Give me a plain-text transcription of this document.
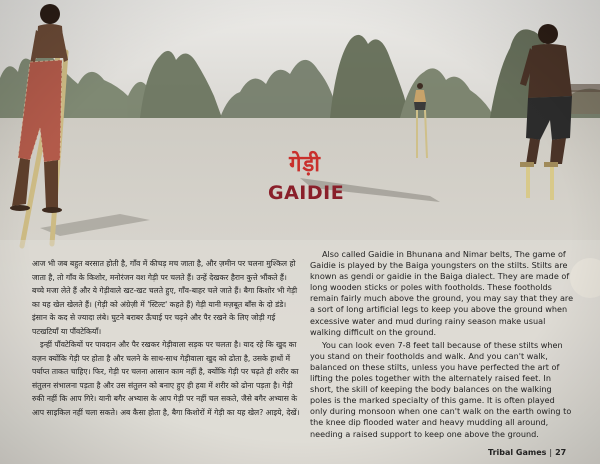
गेड़ी
GAIDIE

आज भी जब बहुत बरसात होती है, गाँव में कीचड़ मच जाता है, और ज़मीन पर चलना मुश्किल हो जाता है, तो गाँव के किशोर, मनोरंजन वश गेड़ी पर चलते हैं। उन्हें देखकर हैरान कुत्ते भौंकते हैं। बच्चे मजा लेते हैं और ये गेड़ीवाले खट-खट चलते हुए, गाँव-बाहर चले जाते हैं। बैगा किशोर भी गेड़ी का यह खेल खेलते हैं। (गेड़ी को अंग्रेज़ी में 'स्टिल्ट' कहते हैं) गेड़ी यानी मज़बूत बाँस के दो डंडे। इंसान के कद से ज्यादा लंबे। घुटने बराबर ऊँचाई पर चढ़ने और पैर रखने के लिए जोड़ी गई पटखटियाँ या पौंवटेकियाँ।

इन्हीं पौंवटेकियों पर पावदान और पैर रखकर गेड़ीवाला सड़क पर चलता है। याद रहे कि खुद का वज़न क्योंकि गेड़ी पर होता है और चलने के साथ-साथ गेड़ीवाला खुद को ढोता है, उसके हाथों में पर्याप्त ताकत चाहिए। फिर, गेड़ी पर चलना आसान काम नहीं है, क्योंकि गेड़ी पर चढ़ते ही शरीर का संतुलन संभालना पड़ता है और उस संतुलन को बनाए हुए ही हवा में शरीर को ढोना पड़ता है। गेड़ी रुकी नहीं कि आप गिरे। यानी बगैर अभ्यास के आप गेड़ी पर नहीं चल सकते, जैसे बगैर अभ्यास के आप साइकिल नहीं चला सकते। अब कैसा होता है, बैगा किशोरों में गेड़ी का यह खेल? आइये, देखें।

Also called Gaidie in Bhunana and Nimar belts, The game of Gaidie is played by the Baiga youngsters on the stilts. Stilts are known as gendi or gaidie in the Baiga dialect. They are made of long wooden sticks or poles with footholds. These footholds remain fairly much above the ground, you may say that they are a sort of long artificial legs to keep you above the ground when excessive water and mud during rainy season make usual walking difficult on the ground.

You can look even 7-8 feet tall because of these stilts when you stand on their footholds and walk. And you can't walk, balanced on these stilts, unless you have perfected the art of lifting the poles together with the alternately raised feet. In short, the skill of keeping the body balances on the walking poles is the marked specialty of this game. It is often played only during monsoon when one can't walk on the earth owing to the knee dip flooded water and heavy mudding all around, needing a raised support to keep one above the ground.

Tribal Games | 27
